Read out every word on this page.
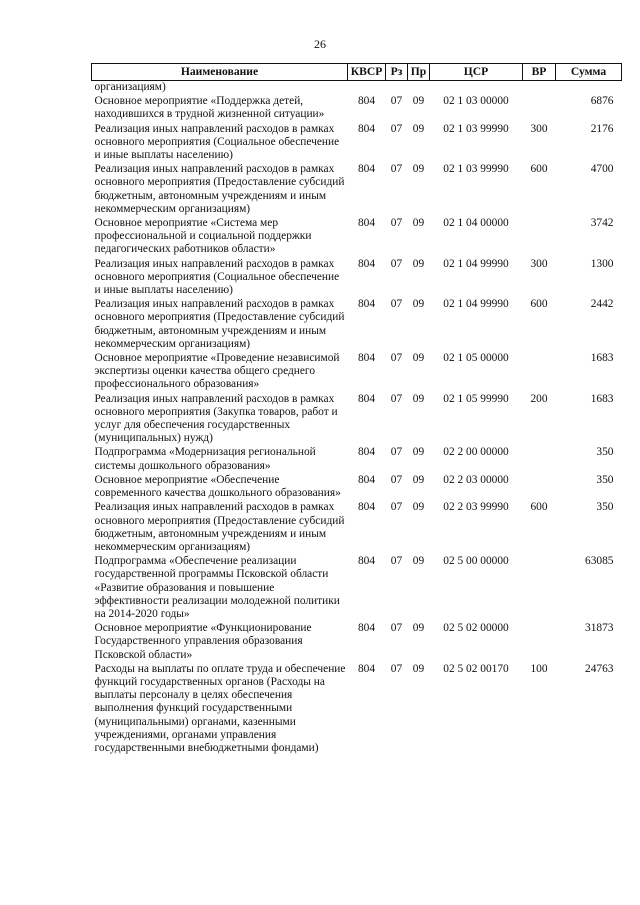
26
Наименование	КВСР	Рз	Пр	ЦСР	ВР	Сумма
организациям)						
Основное мероприятие «Поддержка детей, находившихся в трудной жизненной ситуации»	804	07	09	02 1 03 00000		6876
Реализация иных направлений расходов в рамках основного мероприятия (Социальное обеспечение и иные выплаты населению)	804	07	09	02 1 03 99990	300	2176
Реализация иных направлений расходов в рамках основного мероприятия (Предоставление субсидий бюджетным, автономным учреждениям и иным некоммерческим организациям)	804	07	09	02 1 03 99990	600	4700
Основное мероприятие «Система мер профессиональной и социальной поддержки педагогических работников области»	804	07	09	02 1 04 00000		3742
Реализация иных направлений расходов в рамках основного мероприятия (Социальное обеспечение и иные выплаты населению)	804	07	09	02 1 04 99990	300	1300
Реализация иных направлений расходов в рамках основного мероприятия (Предоставление субсидий бюджетным, автономным учреждениям и иным некоммерческим организациям)	804	07	09	02 1 04 99990	600	2442
Основное мероприятие «Проведение независимой экспертизы оценки качества общего среднего профессионального образования»	804	07	09	02 1 05 00000		1683
Реализация иных направлений расходов в рамках основного мероприятия (Закупка товаров, работ и услуг для обеспечения государственных (муниципальных) нужд)	804	07	09	02 1 05 99990	200	1683
Подпрограмма «Модернизация региональной системы дошкольного образования»	804	07	09	02 2 00 00000		350
Основное мероприятие «Обеспечение современного качества дошкольного образования»	804	07	09	02 2 03 00000		350
Реализация иных направлений расходов в рамках основного мероприятия (Предоставление субсидий бюджетным, автономным учреждениям и иным некоммерческим организациям)	804	07	09	02 2 03 99990	600	350
Подпрограмма «Обеспечение реализации государственной программы Псковской области «Развитие образования и повышение эффективности реализации молодежной политики на 2014-2020 годы»	804	07	09	02 5 00 00000		63085
Основное мероприятие «Функционирование Государственного управления образования Псковской области»	804	07	09	02 5 02 00000		31873
Расходы на выплаты по оплате труда и обеспечение функций государственных органов (Расходы на выплаты персоналу в целях обеспечения выполнения функций государственными (муниципальными) органами, казенными учреждениями, органами управления государственными внебюджетными фондами)	804	07	09	02 5 02 00170	100	24763
